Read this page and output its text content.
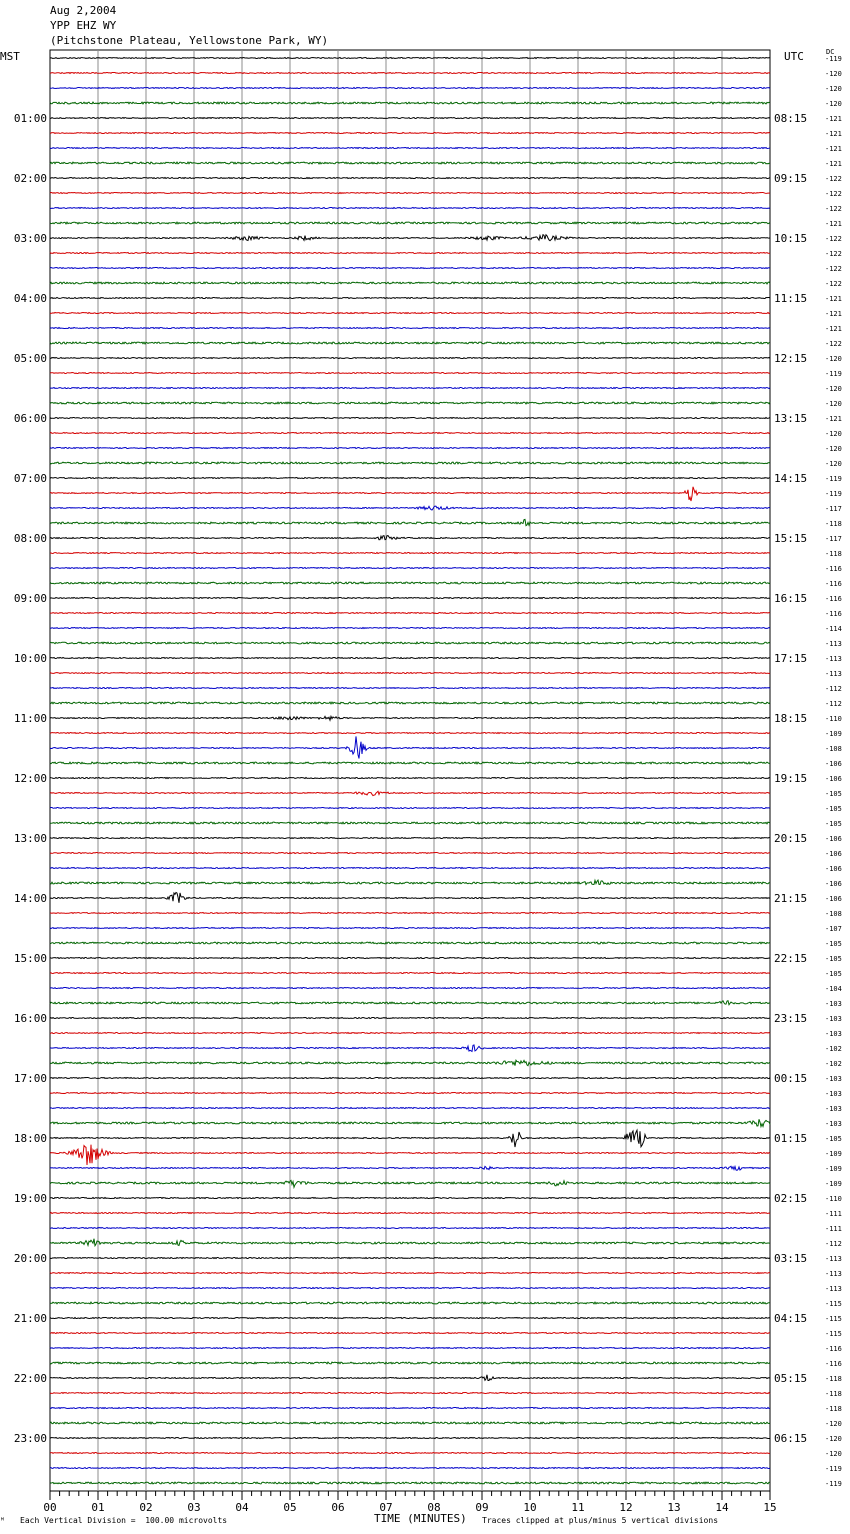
Aug 2,2004
YPP EHZ WY
(Pitchstone Plateau, Yellowstone Park, WY)
MST	UTC	DC
00	01	02	03	04	05	06	07	08	09	10	11	12	13	14	15
-119
-120
-120
-120
-121
-121
-121
-121
-122
-122
-122
-121
-122
-122
-122
-122
-121
-121
-121
-122
-120
-119
-120
-120
-121
-120
-120
-120
-119
-119
-117
-118
-117
-118
-116
-116
-116
-116
-114
-113
-113
-113
-112
-112
-110
-109
-108
-106
-106
-105
-105
-105
-106
-106
-106
-106
-106
-108
-107
-105
-105
-105
-104
-103
-103
-103
-102
-102
-103
-103
-103
-103
-105
-109
-109
-109
-110
-111
-111
-112
-113
-113
-113
-115
-115
-115
-116
-116
-118
-118
-118
-120
-120
-120
-119
-119
01:00	08:15
02:00	09:15
03:00	10:15
04:00	11:15
05:00	12:15
06:00	13:15
07:00	14:15
08:00	15:15
09:00	16:15
10:00	17:15
11:00	18:15
12:00	19:15
13:00	20:15
14:00	21:15
15:00	22:15
16:00	23:15
17:00	00:15
18:00	01:15
19:00	02:15
20:00	03:15
21:00	04:15
22:00	05:15
23:00	06:15
ᴹ Each Vertical Division =  100.00 microvolts	TIME (MINUTES) Traces clipped at plus/minus 5 vertical divisions
